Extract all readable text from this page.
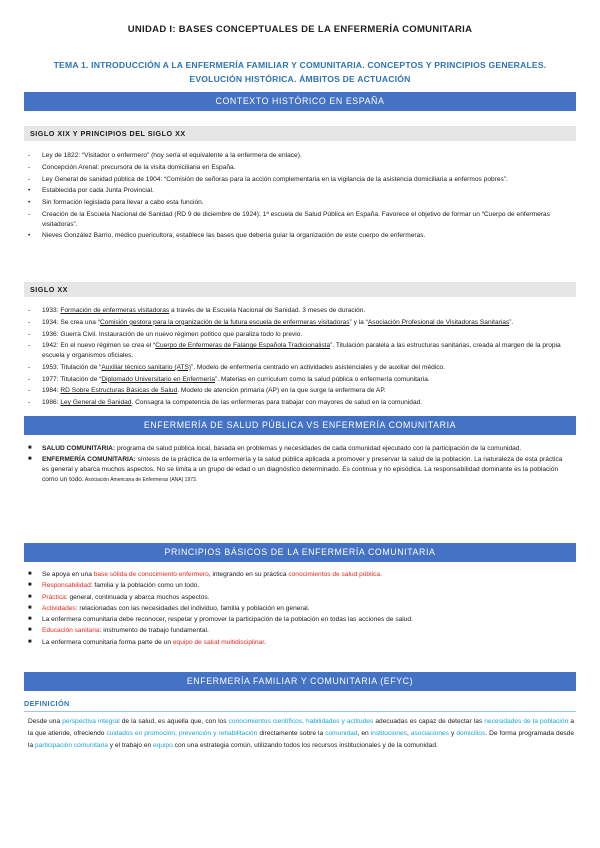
UNIDAD I: BASES CONCEPTUALES DE LA ENFERMERÍA COMUNITARIA
TEMA 1. INTRODUCCIÓN A LA ENFERMERÍA FAMILIAR Y COMUNITARIA. CONCEPTOS Y PRINCIPIOS GENERALES.
EVOLUCIÓN HISTÓRICA. ÁMBITOS DE ACTUACIÓN
CONTEXTO HISTÓRICO EN ESPAÑA
SIGLO XIX Y PRINCIPIOS DEL SIGLO XX
- Ley de 1822: “Visitador o enfermero” (hoy sería el equivalente a la enfermera de enlace).
- Concepción Arenal: precursora de la visita domiciliaria en España.
- Ley General de sanidad pública de 1904: “Comisión de señoras para la acción complementaria en la vigilancia de la asistencia domiciliaria a enfermos pobres”.
• Establecida por cada Junta Provincial.
• Sin formación legislada para llevar a cabo esta función.
- Creación de la Escuela Nacional de Sanidad (RD 9 de diciembre de 1924): 1ª escuela de Salud Pública en España. Favorece el objetivo de formar un “Cuerpo de enfermeras visitadoras”.
• Nieves González Barrio, médico puericultora, establece las bases que debería guiar la organización de este cuerpo de enfermeras.
SIGLO XX
- 1933: Formación de enfermeras visitadoras a través de la Escuela Nacional de Sanidad. 3 meses de duración.
- 1934: Se crea una “Comisión gestora para la organización de la futura escuela de enfermeras visitadoras” y la “Asociación Profesional de Visitadoras Sanitarias”.
- 1936: Guerra Civil. Instauración de un nuevo régimen político que paraliza todo lo previo.
- 1942: En el nuevo régimen se crea el “Cuerpo de Enfermeras de Falange Española Tradicionalista”. Titulación paralela a las estructuras sanitarias, creada al margen de la propia escuela y organismos oficiales.
- 1953: Titulación de “Auxiliar técnico sanitario (ATS)”. Modelo de enfermería centrado en actividades asistenciales y de auxiliar del médico.
- 1977: Titulación de “Diplomado Universitario en Enfermería”. Materias en curriculum como la salud pública o enfermería comunitaria.
- 1984: RD Sobre Estructuras Básicas de Salud. Modelo de atención primaria (AP) en la que surge la enfermera de AP.
- 1986: Ley General de Sanidad. Consagra la competencia de las enfermeras para trabajar con mayores de salud en la comunidad.
ENFERMERÍA DE SALUD PÚBLICA VS ENFERMERÍA COMUNITARIA
■ SALUD COMUNITARIA: programa de salud pública local, basada en problemas y necesidades de cada comunidad ejecutado con la participación de la comunidad.
■ ENFERMERÍA COMUNITARIA: síntesis de la práctica de la enfermería y la salud pública aplicada a promover y preservar la salud de la población. La naturaleza de esta práctica es general y abarca muchos aspectos. No se limita a un grupo de edad o un diagnóstico determinado. Es continua y no episódica. La responsabilidad dominante es la población como un todo. Asociación Americana de Enfermeras (ANA) 1973.
PRINCIPIOS BÁSICOS DE LA ENFERMERÍA COMUNITARIA
■ Se apoya en una base sólida de conocimiento enfermero, integrando en su práctica conocimientos de salud pública.
■ Responsabilidad: familia y la población como un todo.
■ Práctica: general, continuada y abarca muchos aspectos.
■ Actividades: relacionadas con las necesidades del individuo, familia y población en general.
■ La enfermera comunitaria debe reconocer, respetar y promover la participación de la población en todas las acciones de salud.
■ Educación sanitaria: instrumento de trabajo fundamental.
■ La enfermera comunitaria forma parte de un equipo de salud multidisciplinar.
ENFERMERÍA FAMILIAR Y COMUNITARIA (EFYC)
DEFINICIÓN
Desde una perspectiva integral de la salud, es aquella que, con los conocimientos científicos, habilidades y actitudes adecuadas es capaz de detectar las necesidades de la población a la que atiende, ofreciendo cuidados en promoción, prevención y rehabilitación directamente sobre la comunidad, en instituciones, asociaciones y domicilios. De forma programada desde la participación comunitaria y el trabajo en equipo con una estrategia común, utilizando todos los recursos institucionales y de la comunidad.
